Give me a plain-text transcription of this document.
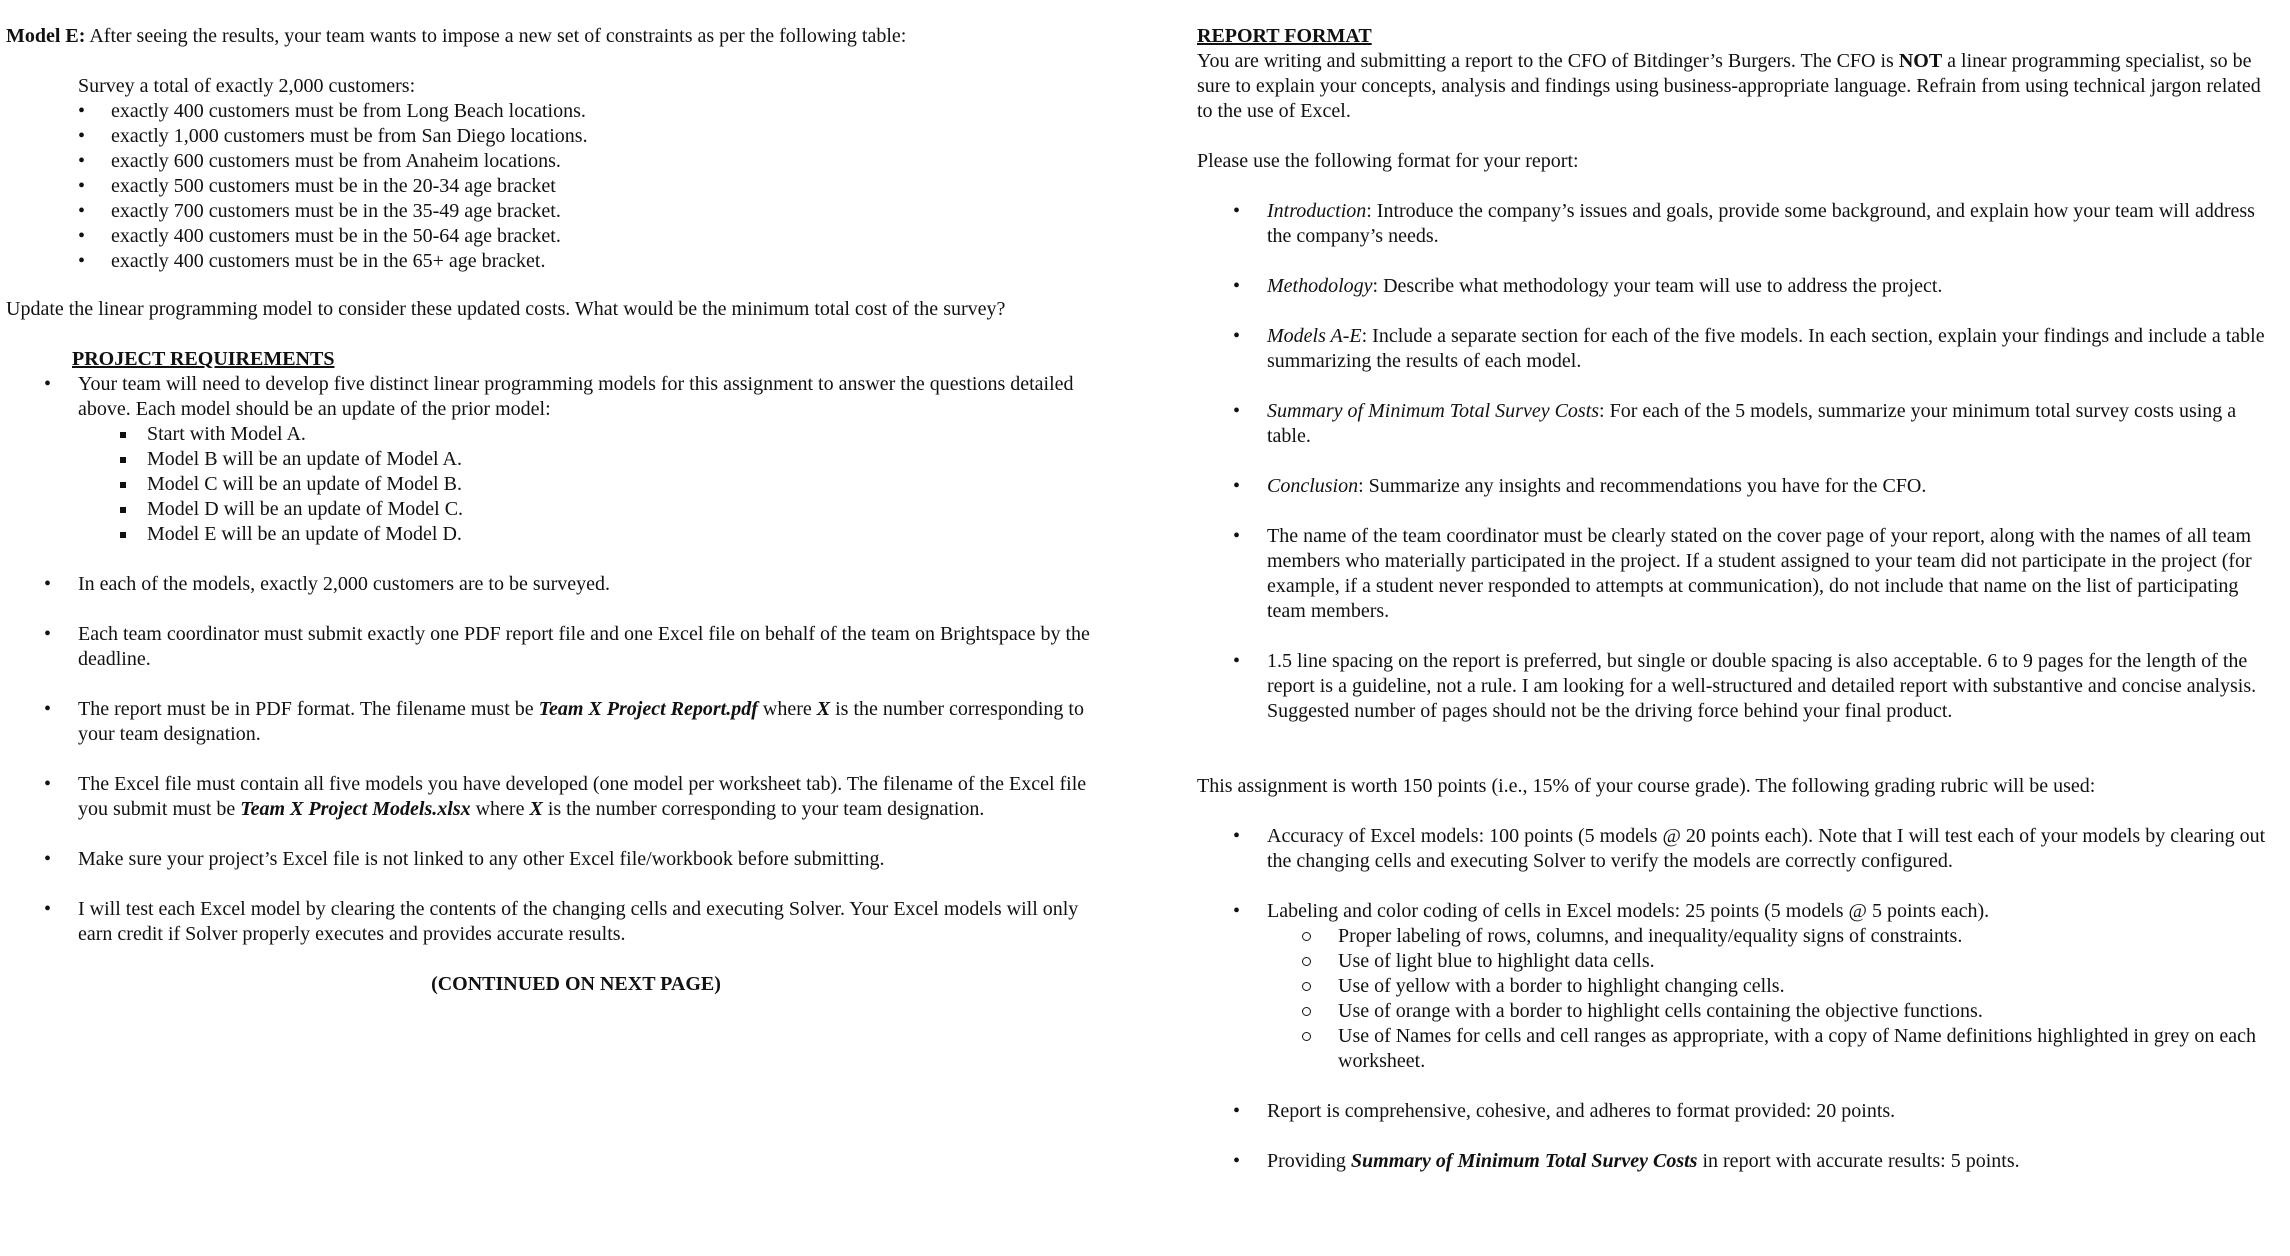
Model E: After seeing the results, your team wants to impose a new set of constraints as per the following table:

Survey a total of exactly 2,000 customers:

• exactly 400 customers must be from Long Beach locations.
• exactly 1,000 customers must be from San Diego locations.
• exactly 600 customers must be from Anaheim locations.
• exactly 500 customers must be in the 20-34 age bracket
• exactly 700 customers must be in the 35-49 age bracket.
• exactly 400 customers must be in the 50-64 age bracket.
• exactly 400 customers must be in the 65+ age bracket.

Update the linear programming model to consider these updated costs. What would be the minimum total cost of the survey?

PROJECT REQUIREMENTS

• Your team will need to develop five distinct linear programming models for this assignment to answer the questions detailed above. Each model should be an update of the prior model:
Start with Model A.
Model B will be an update of Model A.
Model C will be an update of Model B.
Model D will be an update of Model C.
Model E will be an update of Model D.
• In each of the models, exactly 2,000 customers are to be surveyed.
• Each team coordinator must submit exactly one PDF report file and one Excel file on behalf of the team on Brightspace by the deadline.
• The report must be in PDF format. The filename must be Team X Project Report.pdf where X is the number corresponding to your team designation.
• The Excel file must contain all five models you have developed (one model per worksheet tab). The filename of the Excel file you submit must be Team X Project Models.xlsx where X is the number corresponding to your team designation.
• Make sure your project’s Excel file is not linked to any other Excel file/workbook before submitting.
• I will test each Excel model by clearing the contents of the changing cells and executing Solver. Your Excel models will only earn credit if Solver properly executes and provides accurate results.

(CONTINUED ON NEXT PAGE)

REPORT FORMAT

You are writing and submitting a report to the CFO of Bitdinger’s Burgers. The CFO is NOT a linear programming specialist, so be sure to explain your concepts, analysis and findings using business-appropriate language. Refrain from using technical jargon related to the use of Excel.

Please use the following format for your report:

• Introduction: Introduce the company’s issues and goals, provide some background, and explain how your team will address the company’s needs.
• Methodology: Describe what methodology your team will use to address the project.
• Models A-E: Include a separate section for each of the five models. In each section, explain your findings and include a table summarizing the results of each model.
• Summary of Minimum Total Survey Costs: For each of the 5 models, summarize your minimum total survey costs using a table.
• Conclusion: Summarize any insights and recommendations you have for the CFO.
• The name of the team coordinator must be clearly stated on the cover page of your report, along with the names of all team members who materially participated in the project. If a student assigned to your team did not participate in the project (for example, if a student never responded to attempts at communication), do not include that name on the list of participating team members.
• 1.5 line spacing on the report is preferred, but single or double spacing is also acceptable. 6 to 9 pages for the length of the report is a guideline, not a rule. I am looking for a well-structured and detailed report with substantive and concise analysis. Suggested number of pages should not be the driving force behind your final product.

This assignment is worth 150 points (i.e., 15% of your course grade). The following grading rubric will be used:

• Accuracy of Excel models: 100 points (5 models @ 20 points each). Note that I will test each of your models by clearing out the changing cells and executing Solver to verify the models are correctly configured.
• Labeling and color coding of cells in Excel models: 25 points (5 models @ 5 points each).
Proper labeling of rows, columns, and inequality/equality signs of constraints.
Use of light blue to highlight data cells.
Use of yellow with a border to highlight changing cells.
Use of orange with a border to highlight cells containing the objective functions.
Use of Names for cells and cell ranges as appropriate, with a copy of Name definitions highlighted in grey on each worksheet.
• Report is comprehensive, cohesive, and adheres to format provided: 20 points.
• Providing Summary of Minimum Total Survey Costs in report with accurate results: 5 points.
